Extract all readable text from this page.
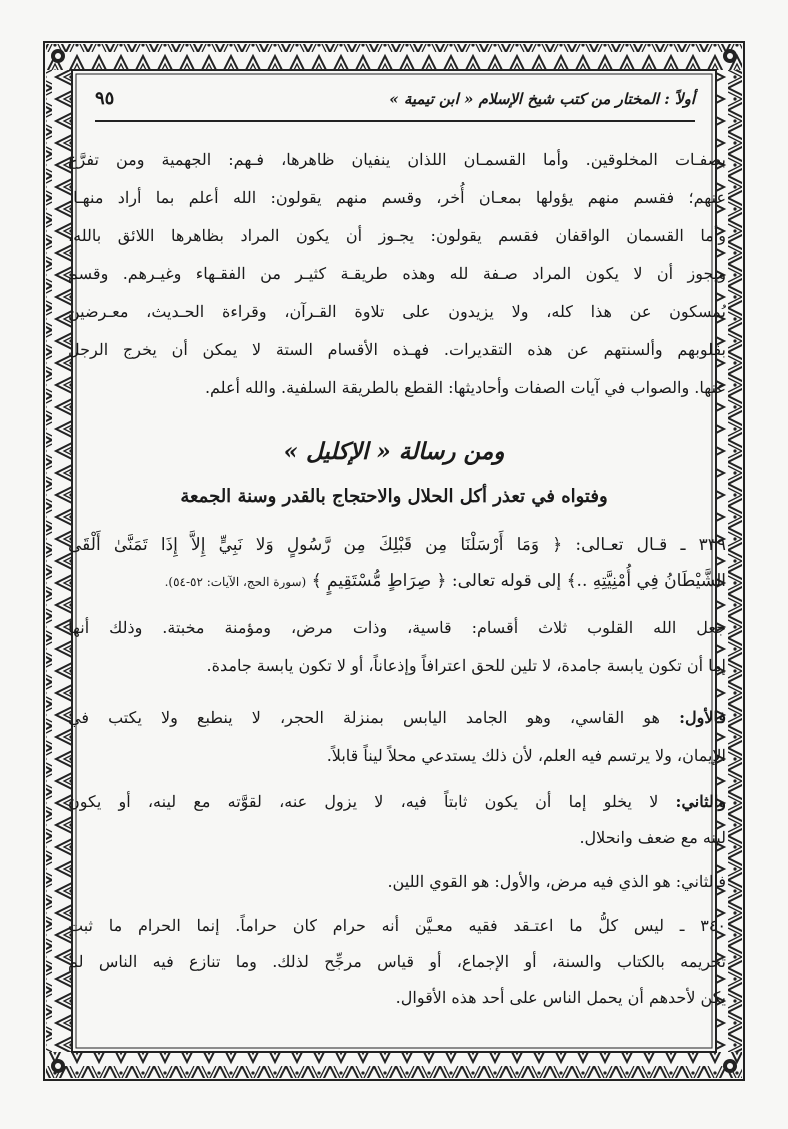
أولاً : المختار من كتب شيخ الإسلام « ابن تيمية »
٩٥
بصفـات المخلوقين. وأما القسمـان اللذان ينفيان ظاهرها، فـهم: الجهمية ومن تفرَّع
عنهم؛ فقسم منهم يؤولها بمعـان أُخر، وقسم منهم يقولون: الله أعلم بما أراد منهـا.
وأما القسمان الواقفان فقسم يقولون: يجـوز أن يكون المراد بظاهرها اللائق بالله،
ويجوز أن لا يكون المراد صـفة لله وهذه طريقـة كثيـر من الفقـهاء وغيـرهم. وقسم
يُمسكون عن هذا كله، ولا يزيدون على تلاوة القـرآن، وقراءة الحـديث، معـرضين
بقلوبهم وألسنتهم عن هذه التقديرات. فهـذه الأقسام الستة لا يمكن أن يخرج الرجل
عنها. والصواب في آيات الصفات وأحاديثها: القطع بالطريقة السلفية. والله أعلم.
ومن رسالة « الإكليل »
وفتواه في تعذر أكل الحلال والاحتجاج بالقدر وسنة الجمعة
٣٣٩ ـ قـال تعـالى: ﴿ وَمَا أَرْسَلْنَا مِن قَبْلِكَ مِن رَّسُولٍ وَلا نَبِيٍّ إِلاَّ إِذَا تَمَنَّىٰ أَلْقَى
الشَّيْطَانُ فِي أُمْنِيَّتِهِ ..﴾ إلى قوله تعالى: ﴿ صِرَاطٍ مُّسْتَقِيمٍ ﴾ (سورة الحج، الآيات: ٥٢-٥٤).
جعل الله القلوب ثلاث أقسام: قاسية، وذات مرض، ومؤمنة مخبتة. وذلك أنها
إما أن تكون يابسة جامدة، لا تلين للحق اعترافاً وإذعاناً، أو لا تكون يابسة جامدة.
فالأول: هو القاسي، وهو الجامد اليابس بمنزلة الحجر، لا ينطبع ولا يكتب في
الإيمان، ولا يرتسم فيه العلم، لأن ذلك يستدعي محلاً ليناً قابلاً.
والثاني: لا يخلو إما أن يكون ثابتاً فيه، لا يزول عنه، لقوَّته مع لينه، أو يكون
لينه مع ضعف وانحلال.
فالثاني: هو الذي فيه مرض، والأول: هو القوي اللين.
٣٤٠ ـ ليس كلُّ ما اعتـقد فقيه معـيَّن أنه حرام كان حراماً. إنما الحرام ما ثبت
تحريمه بالكتاب والسنة، أو الإجماع، أو قياس مرجِّح لذلك. وما تنازع فيه الناس لم
يكن لأحدهم أن يحمل الناس على أحد هذه الأقوال.
